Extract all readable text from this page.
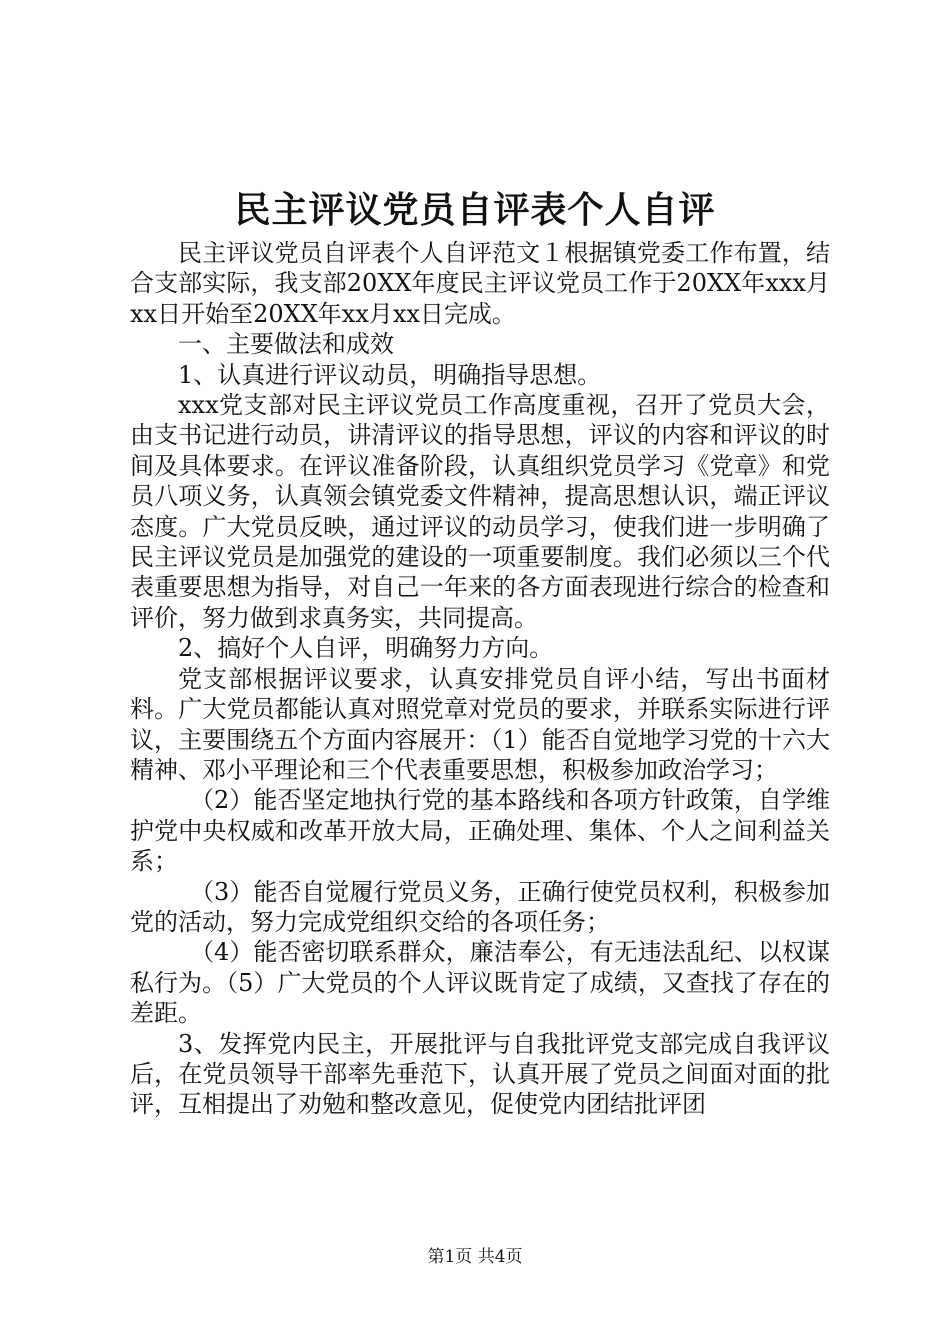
民主评议党员自评表个人自评

民主评议党员自评表个人自评范文１根据镇党委工作布置，结合支部实际，我支部20XX年度民主评议党员工作于20XX年xxx月xx日开始至20XX年xx月xx日完成。

一、主要做法和成效

1、认真进行评议动员，明确指导思想。

xxx党支部对民主评议党员工作高度重视，召开了党员大会，由支书记进行动员，讲清评议的指导思想，评议的内容和评议的时间及具体要求。在评议准备阶段，认真组织党员学习《党章》和党员八项义务，认真领会镇党委文件精神，提高思想认识，端正评议态度。广大党员反映，通过评议的动员学习，使我们进一步明确了民主评议党员是加强党的建设的一项重要制度。我们必须以三个代表重要思想为指导，对自己一年来的各方面表现进行综合的检查和评价，努力做到求真务实，共同提高。

2、搞好个人自评，明确努力方向。

党支部根据评议要求，认真安排党员自评小结，写出书面材料。广大党员都能认真对照党章对党员的要求，并联系实际进行评议，主要围绕五个方面内容展开：（1）能否自觉地学习党的十六大精神、邓小平理论和三个代表重要思想，积极参加政治学习；

（2）能否坚定地执行党的基本路线和各项方针政策，自学维护党中央权威和改革开放大局，正确处理、集体、个人之间利益关系；

（3）能否自觉履行党员义务，正确行使党员权利，积极参加党的活动，努力完成党组织交给的各项任务；

（4）能否密切联系群众，廉洁奉公，有无违法乱纪、以权谋私行为。（5）广大党员的个人评议既肯定了成绩，又查找了存在的差距。

3、发挥党内民主，开展批评与自我批评党支部完成自我评议后，在党员领导干部率先垂范下，认真开展了党员之间面对面的批评，互相提出了劝勉和整改意见，促使党内团结批评团

第1页 共4页
